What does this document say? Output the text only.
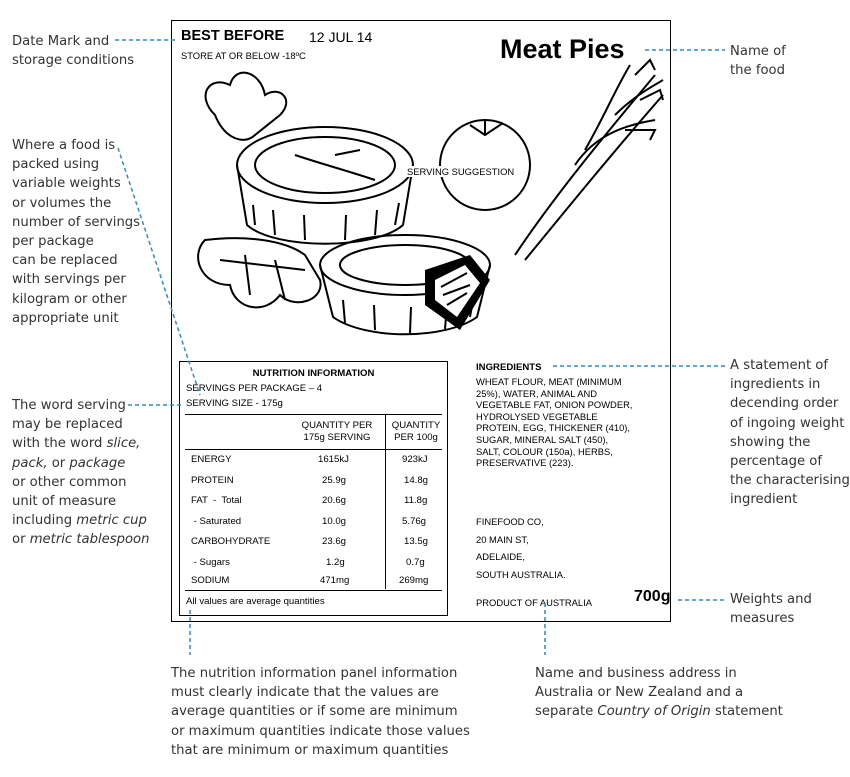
Date Mark and
storage conditions
Where a food is
packed using
variable weights
or volumes the
number of servings
per package
can be replaced
with servings per
kilogram or other
appropriate unit
The word serving
may be replaced
with the word slice,
pack, or package
or other common
unit of measure
including metric cup
or metric tablespoon
Name of
the food
A statement of
ingredients in
decending order
of ingoing weight
showing the
percentage of
the characterising
ingredient
Weights and
measures
The nutrition information panel information
must clearly indicate that the values are
average quantities or if some are minimum
or maximum quantities indicate those values
that are minimum or maximum quantities
Name and business address in
Australia or New Zealand and a
separate Country of Origin statement
BEST BEFORE 12 JUL 14
STORE AT OR BELOW -18ºC	Meat Pies
SERVING SUGGESTION
NUTRITION INFORMATION
SERVINGS PER PACKAGE – 4
SERVING SIZE - 175g
QUANTITY PER
175g SERVING
QUANTITY
PER 100g
ENERGY	1615kJ	923kJ
PROTEIN	25.9g	14.8g
FAT  -  Total	20.6g	11.8g
- Saturated	10.0g	5.76g
CARBOHYDRATE	23.6g	13.5g
- Sugars	1.2g	0.7g
SODIUM	471mg	269mg
All values are average quantities
INGREDIENTS
WHEAT FLOUR, MEAT (MINIMUM
25%), WATER, ANIMAL AND
VEGETABLE FAT, ONION POWDER,
HYDROLYSED VEGETABLE
PROTEIN, EGG, THICKENER (410),
SUGAR, MINERAL SALT (450),
SALT, COLOUR (150a), HERBS,
PRESERVATIVE (223).
FINEFOOD CO,
20 MAIN ST,
ADELAIDE,
SOUTH AUSTRALIA.
PRODUCT OF AUSTRALIA	700g
